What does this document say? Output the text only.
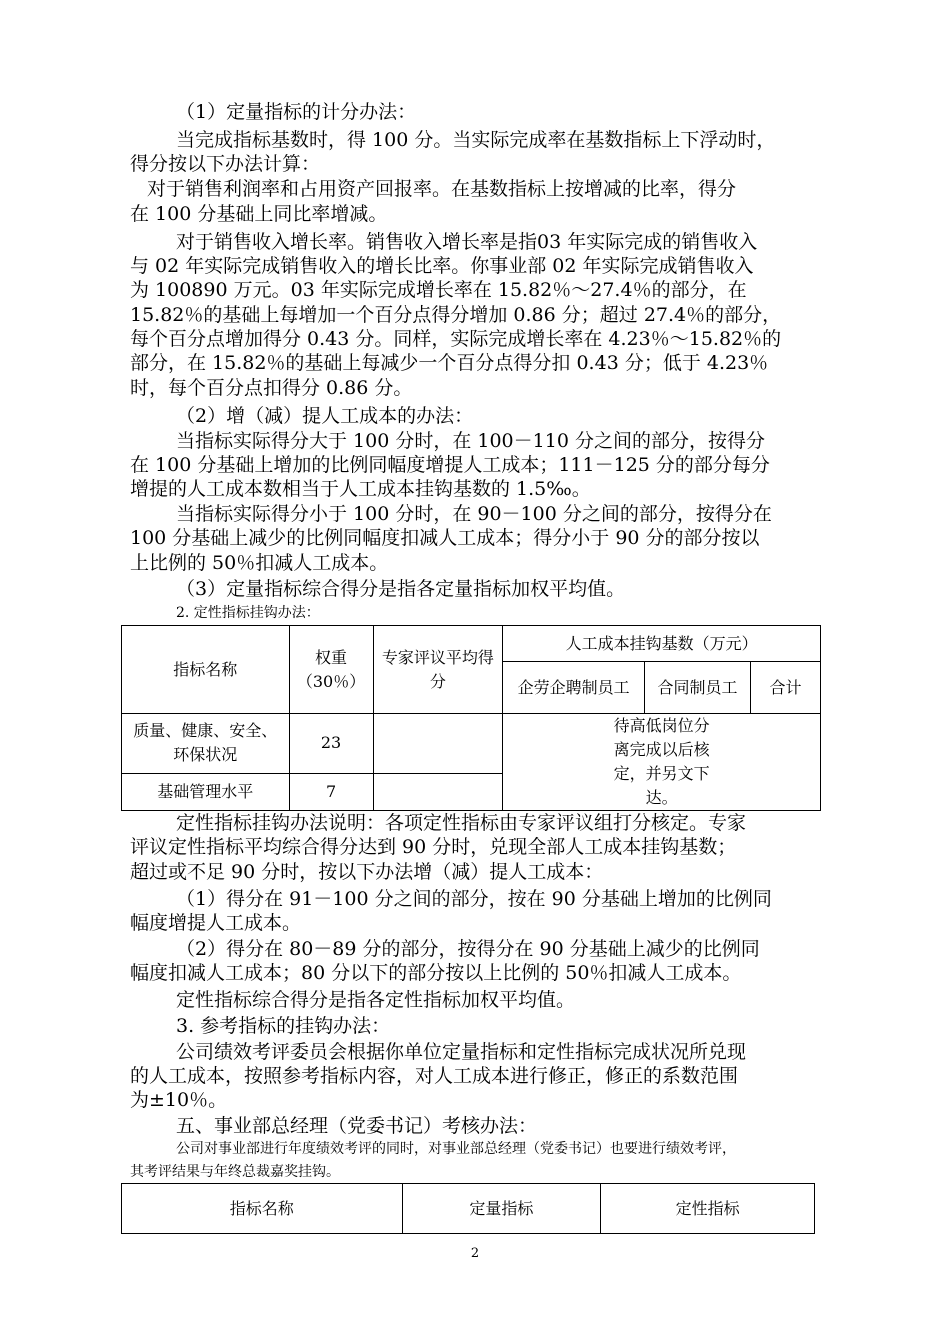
（1）定量指标的计分办法：
当完成指标基数时，得 100 分。当实际完成率在基数指标上下浮动时，
得分按以下办法计算：
对于销售利润率和占用资产回报率。在基数指标上按增减的比率，得分
在 100 分基础上同比率增减。
对于销售收入增长率。销售收入增长率是指03 年实际完成的销售收入
与 02 年实际完成销售收入的增长比率。你事业部 02 年实际完成销售收入
为 100890 万元。03 年实际完成增长率在 15.82％～27.4％的部分，在
15.82％的基础上每增加一个百分点得分增加 0.86 分；超过 27.4％的部分，
每个百分点增加得分 0.43 分。同样，实际完成增长率在 4.23％～15.82％的
部分，在 15.82％的基础上每减少一个百分点得分扣 0.43 分；低于 4.23％
时，每个百分点扣得分 0.86 分。
（2）增（减）提人工成本的办法：
当指标实际得分大于 100 分时，在 100－110 分之间的部分，按得分
在 100 分基础上增加的比例同幅度增提人工成本；111－125 分的部分每分
增提的人工成本数相当于人工成本挂钩基数的 1.5‰。
当指标实际得分小于 100 分时，在 90－100 分之间的部分，按得分在
100 分基础上减少的比例同幅度扣减人工成本；得分小于 90 分的部分按以
上比例的 50％扣减人工成本。
（3）定量指标综合得分是指各定量指标加权平均值。
2. 定性指标挂钩办法：
指标名称	权重（30％）	专家评议平均得分	人工成本挂钩基数（万元）		
			企劳企聘制员工	合同制员工	合计
质量、健康、安全、环保状况	23		待高低岗位分离完成以后核定，并另文下达。		
基础管理水平	7				
定性指标挂钩办法说明：各项定性指标由专家评议组打分核定。专家
评议定性指标平均综合得分达到 90 分时，兑现全部人工成本挂钩基数；
超过或不足 90 分时，按以下办法增（减）提人工成本：
（1）得分在 91－100 分之间的部分，按在 90 分基础上增加的比例同
幅度增提人工成本。
（2）得分在 80－89 分的部分，按得分在 90 分基础上减少的比例同
幅度扣减人工成本；80 分以下的部分按以上比例的 50％扣减人工成本。
定性指标综合得分是指各定性指标加权平均值。
3. 参考指标的挂钩办法：
公司绩效考评委员会根据你单位定量指标和定性指标完成状况所兑现
的人工成本，按照参考指标内容，对人工成本进行修正，修正的系数范围
为±10％。
五、事业部总经理（党委书记）考核办法：
公司对事业部进行年度绩效考评的同时，对事业部总经理（党委书记）也要进行绩效考评，
其考评结果与年终总裁嘉奖挂钩。
指标名称	定量指标	定性指标
2
